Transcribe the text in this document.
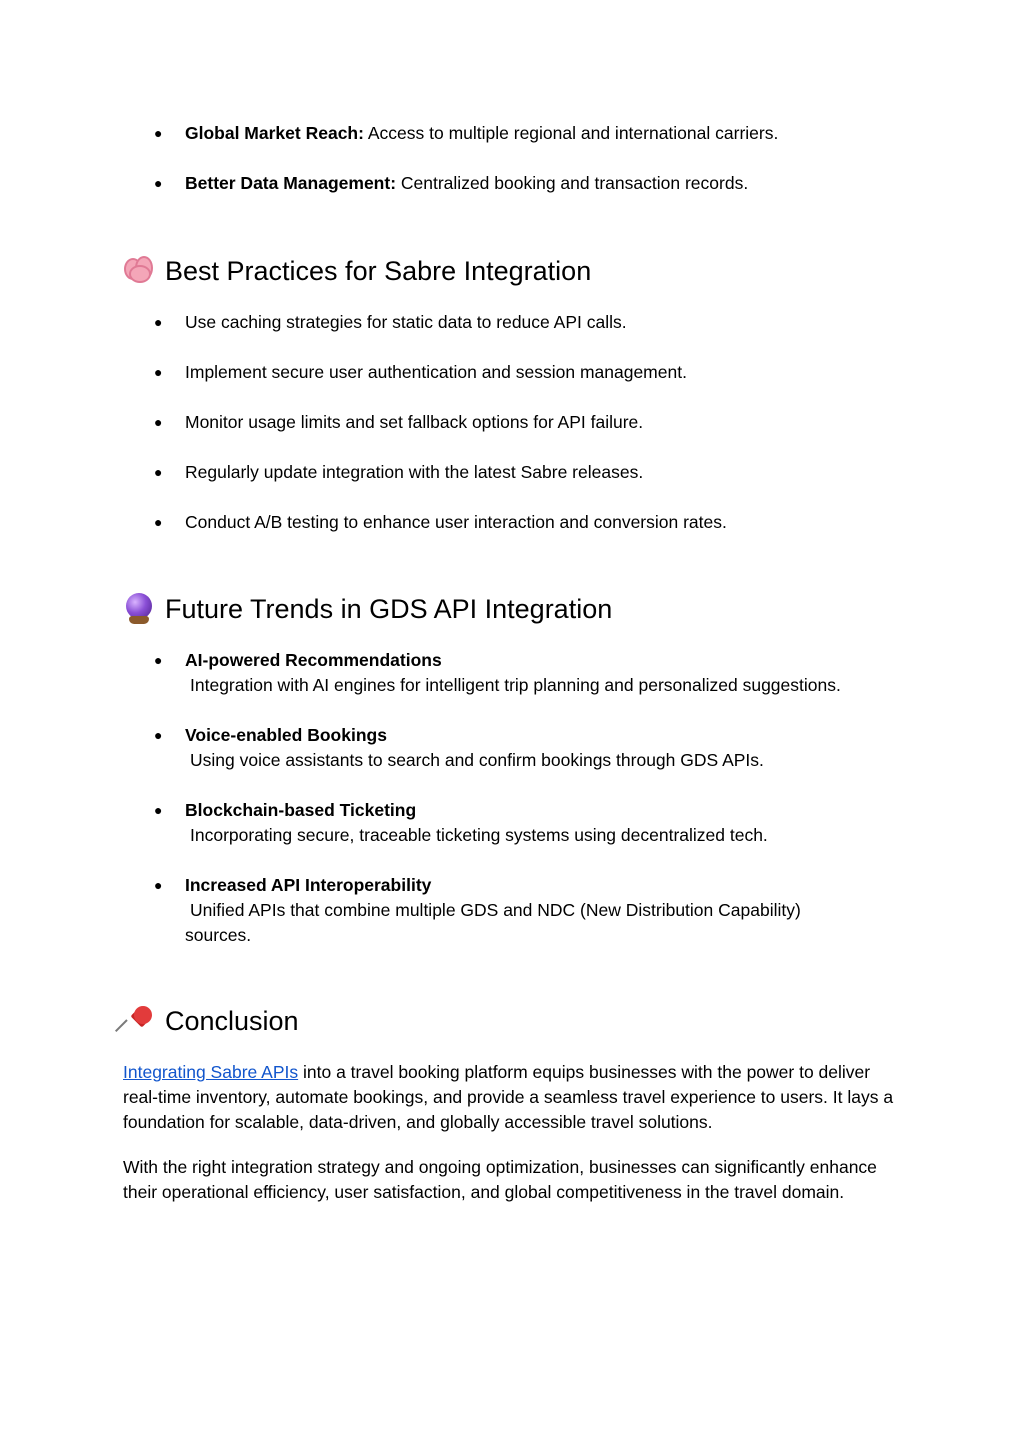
● Global Market Reach: Access to multiple regional and international carriers.
● Better Data Management: Centralized booking and transaction records.
Best Practices for Sabre Integration
● Use caching strategies for static data to reduce API calls.
● Implement secure user authentication and session management.
● Monitor usage limits and set fallback options for API failure.
● Regularly update integration with the latest Sabre releases.
● Conduct A/B testing to enhance user interaction and conversion rates.
Future Trends in GDS API Integration
● AI-powered Recommendations
Integration with AI engines for intelligent trip planning and personalized suggestions.
● Voice-enabled Bookings
Using voice assistants to search and confirm bookings through GDS APIs.
● Blockchain-based Ticketing
Incorporating secure, traceable ticketing systems using decentralized tech.
● Increased API Interoperability
Unified APIs that combine multiple GDS and NDC (New Distribution Capability) sources.
Conclusion

Integrating Sabre APIs into a travel booking platform equips businesses with the power to deliver real-time inventory, automate bookings, and provide a seamless travel experience to users. It lays a foundation for scalable, data-driven, and globally accessible travel solutions.

With the right integration strategy and ongoing optimization, businesses can significantly enhance their operational efficiency, user satisfaction, and global competitiveness in the travel domain.
